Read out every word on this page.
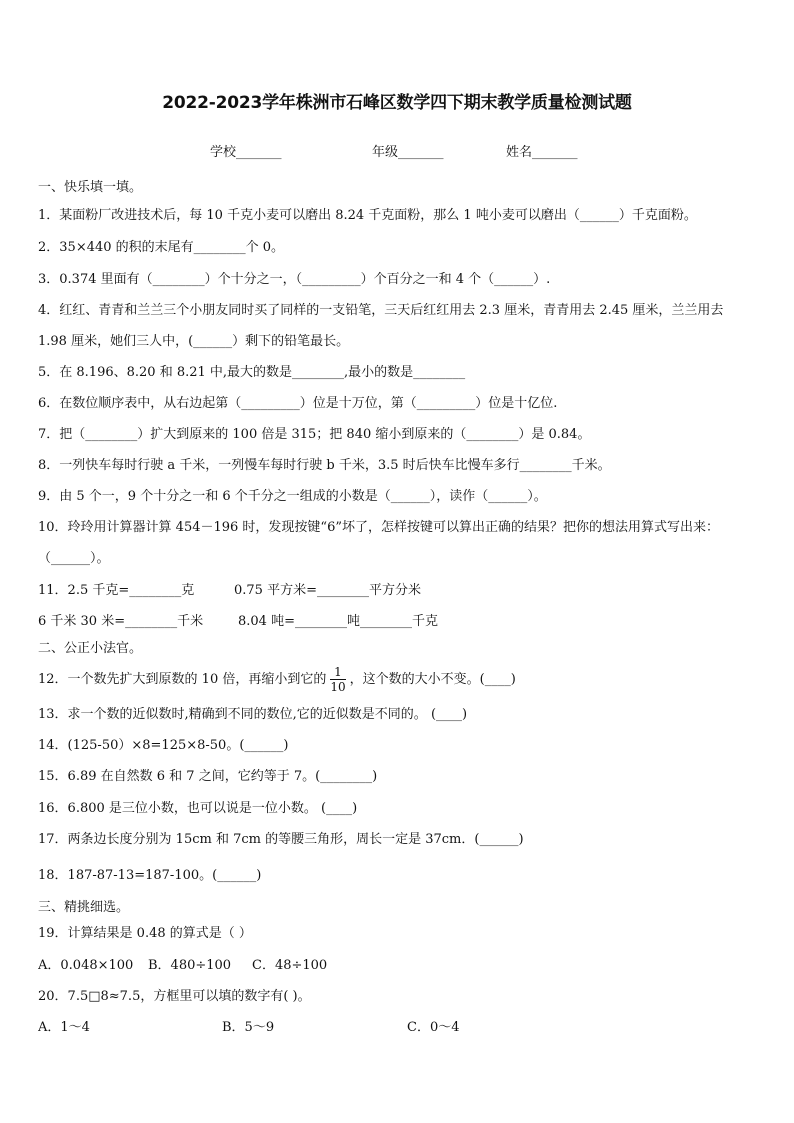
2022-2023学年株洲市石峰区数学四下期末教学质量检测试题
学校_______	年级_______	姓名_______
一、快乐填一填。
1．某面粉厂改进技术后，每 10 千克小麦可以磨出 8.24 千克面粉，那么 1 吨小麦可以磨出（______）千克面粉。
2．35×440 的积的末尾有________个 0。
3．0.374 里面有（________）个十分之一，（_________）个百分之一和 4 个（______）.
4．红红、青青和兰兰三个小朋友同时买了同样的一支铅笔，三天后红红用去 2.3 厘米，青青用去 2.45 厘米，兰兰用去
1.98 厘米，她们三人中，(______）剩下的铅笔最长。
5．在 8.196、8.20 和 8.21 中,最大的数是________,最小的数是________
6．在数位顺序表中，从右边起第（_________）位是十万位，第（_________）位是十亿位.
7．把（________）扩大到原来的 100 倍是 315；把 840 缩小到原来的（________）是 0.84。
8．一列快车每时行驶 a 千米，一列慢车每时行驶 b 千米，3.5 时后快车比慢车多行________千米。
9．由 5 个一，9 个十分之一和 6 个千分之一组成的小数是（______），读作（______）。
10．玲玲用计算器计算 454－196 时，发现按键“6”坏了，怎样按键可以算出正确的结果？把你的想法用算式写出来：
（______）。
11．2.5 千克=________克	0.75 平方米=________平方分米
6 千米 30 米=________千米	8.04 吨=________吨________千克
二、公正小法官。
12．一个数先扩大到原数的 10 倍，再缩小到它的 $\frac{1}{10}$ ，这个数的大小不变。(____)
13．求一个数的近似数时,精确到不同的数位,它的近似数是不同的。 (____)
14．(125-50）×8=125×8-50。(______)
15．6.89 在自然数 6 和 7 之间，它约等于 7。(________)
16．6.800 是三位小数，也可以说是一位小数。 (____)
17．两条边长度分别为 15cm 和 7cm 的等腰三角形，周长一定是 37cm．(______)
18．187-87-13=187-100。(______)
三、精挑细选。
19．计算结果是 0.48 的算式是（ ）
A．0.048×100	B．480÷100	C．48÷100
20．7.5□8≈7.5，方框里可以填的数字有( )。
A．1～4	B．5～9	C．0～4
